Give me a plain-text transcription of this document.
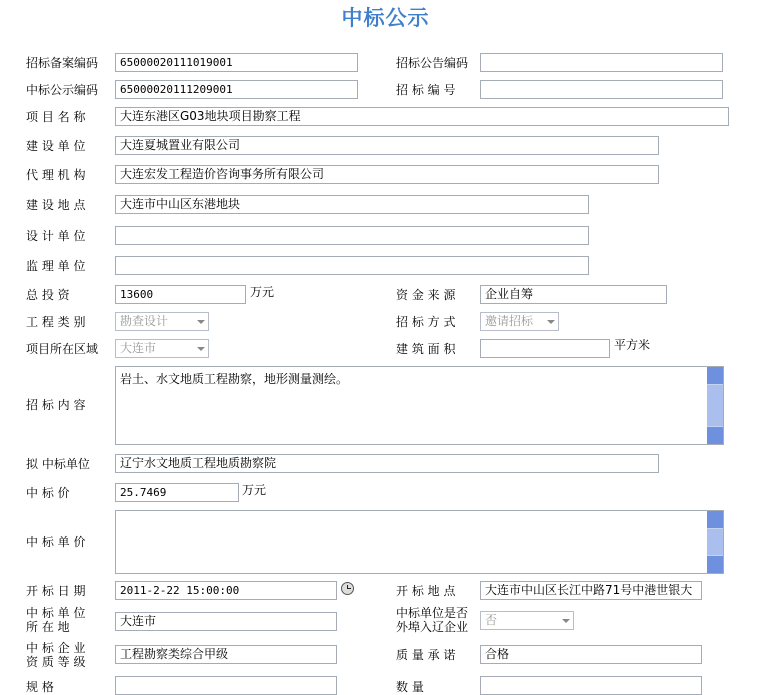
中标公示
招标备案编码	65000020111019001	招标公告编码
中标公示编码	65000020111209001	招 标 编 号
项 目 名 称	大连东港区G03地块项目勘察工程
建 设 单 位	大连夏城置业有限公司
代 理 机 构	大连宏发工程造价咨询事务所有限公司
建 设 地 点	大连市中山区东港地块
设 计 单 位
监 理 单 位
总 投 资	13600	万元	资 金 来 源	企业自筹
工 程 类 别	勘查设计	招 标 方 式	邀请招标
项目所在区域	大连市	建 筑 面 积	平方米
招 标 内 容
岩土、水文地质工程勘察，地形测量测绘。
拟 中标单位	辽宁水文地质工程地质勘察院
中 标 价	25.7469	万元
中 标 单 价
开 标 日 期	2011-2-22 15:00:00	开 标 地 点	大连市中山区长江中路71号中港世银大
中 标 单 位
所 在 地	大连市
中标单位是否
外埠入辽企业	否
中 标 企 业
资 质 等 级
工程勘察类综合甲级	质 量 承 诺	合格
规 格	数 量
